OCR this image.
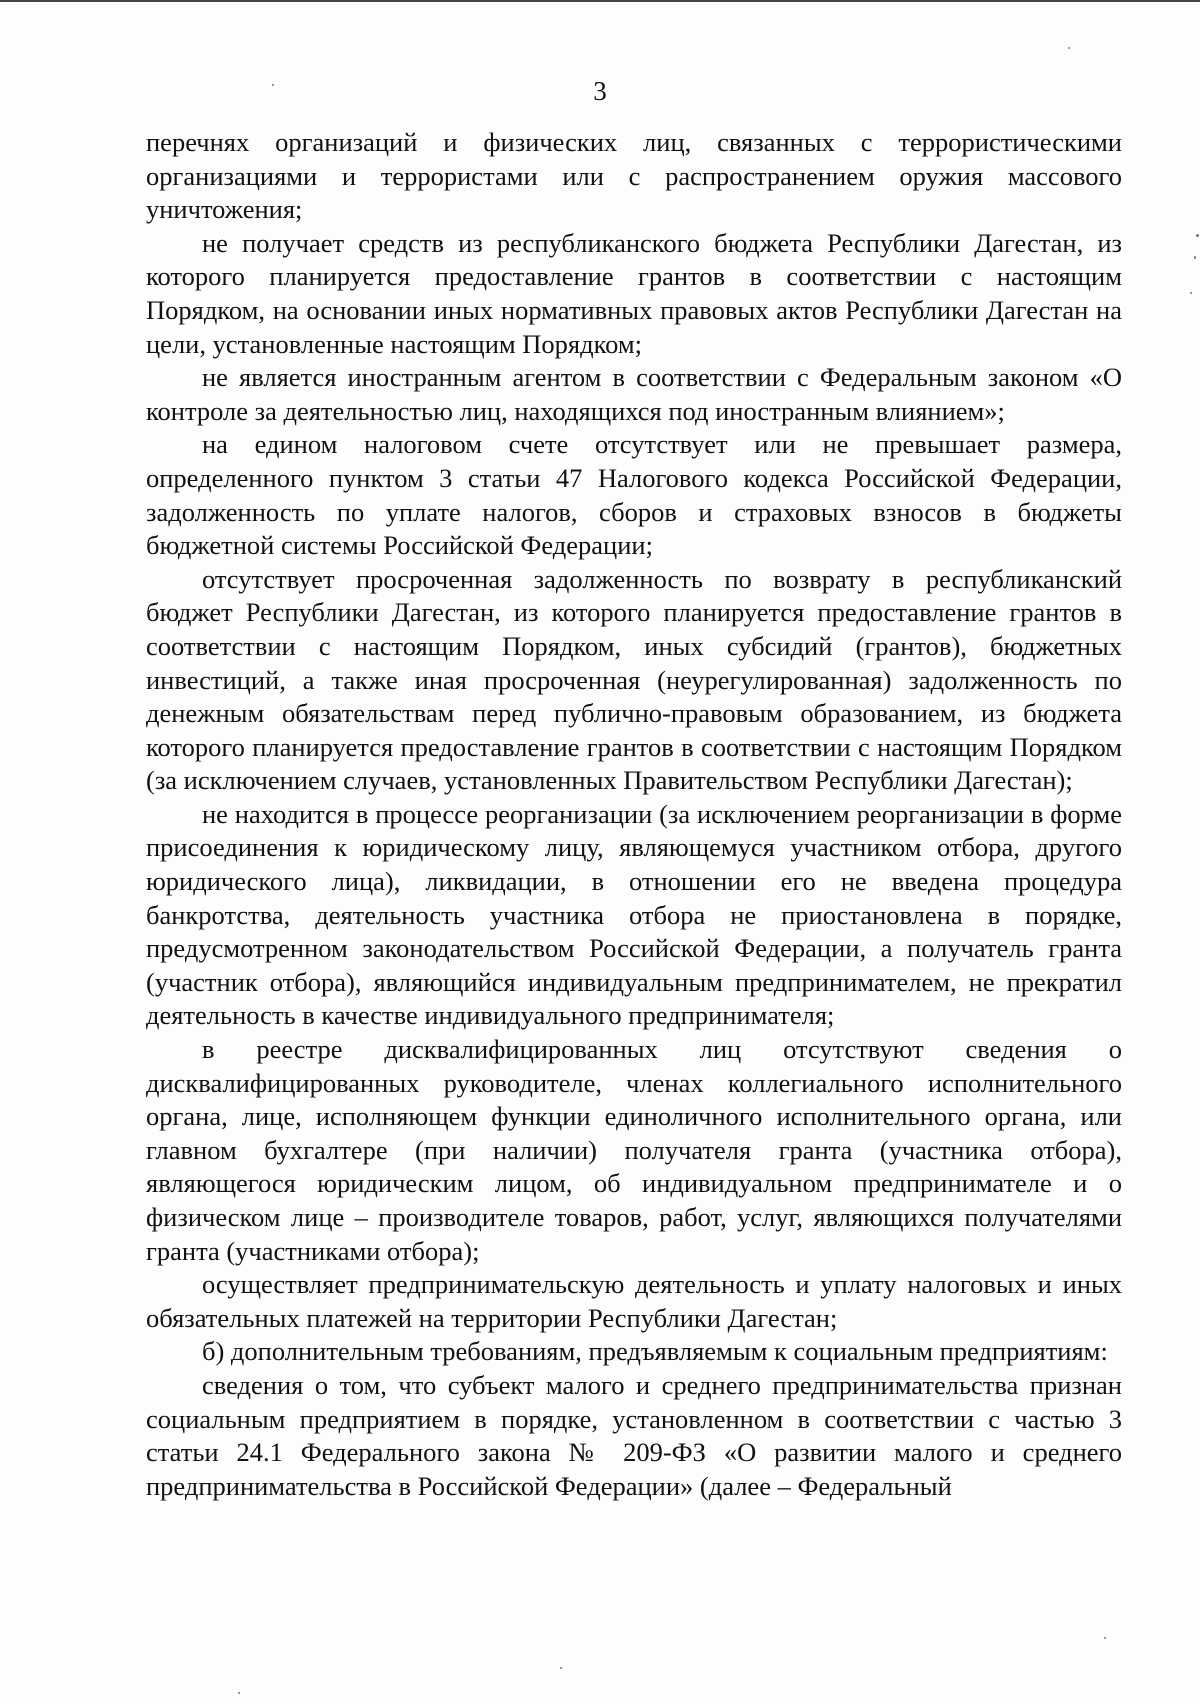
3

перечнях организаций и физических лиц, связанных с террористическими организациями и террористами или с распространением оружия массового уничтожения;

не получает средств из республиканского бюджета Республики Дагестан, из которого планируется предоставление грантов в соответствии с настоящим Порядком, на основании иных нормативных правовых актов Республики Дагестан на цели, установленные настоящим Порядком;

не является иностранным агентом в соответствии с Федеральным законом «О контроле за деятельностью лиц, находящихся под иностранным влиянием»;

на едином налоговом счете отсутствует или не превышает размера, определенного пунктом 3 статьи 47 Налогового кодекса Российской Федерации, задолженность по уплате налогов, сборов и страховых взносов в бюджеты бюджетной системы Российской Федерации;

отсутствует просроченная задолженность по возврату в республиканский бюджет Республики Дагестан, из которого планируется предоставление грантов в соответствии с настоящим Порядком, иных субсидий (грантов), бюджетных инвестиций, а также иная просроченная (неурегулированная) задолженность по денежным обязательствам перед публично-правовым образованием, из бюджета которого планируется предоставление грантов в соответствии с настоящим Порядком (за исключением случаев, установленных Правительством Республики Дагестан);

не находится в процессе реорганизации (за исключением реорганизации в форме присоединения к юридическому лицу, являющемуся участником отбора, другого юридического лица), ликвидации, в отношении его не введена процедура банкротства, деятельность участника отбора не приостановлена в порядке, предусмотренном законодательством Российской Федерации, а получатель гранта (участник отбора), являющийся индивидуальным предпринимателем, не прекратил деятельность в качестве индивидуального предпринимателя;

в реестре дисквалифицированных лиц отсутствуют сведения о дисквалифицированных руководителе, членах коллегиального исполнительного органа, лице, исполняющем функции единоличного исполнительного органа, или главном бухгалтере (при наличии) получателя гранта (участника отбора), являющегося юридическим лицом, об индивидуальном предпринимателе и о физическом лице – производителе товаров, работ, услуг, являющихся получателями гранта (участниками отбора);

осуществляет предпринимательскую деятельность и уплату налоговых и иных обязательных платежей на территории Республики Дагестан;

б) дополнительным требованиям, предъявляемым к социальным предприятиям:

сведения о том, что субъект малого и среднего предпринимательства признан социальным предприятием в порядке, установленном в соответствии с частью 3 статьи 24.1 Федерального закона № 209-ФЗ «О развитии малого и среднего предпринимательства в Российской Федерации» (далее – Федеральный
